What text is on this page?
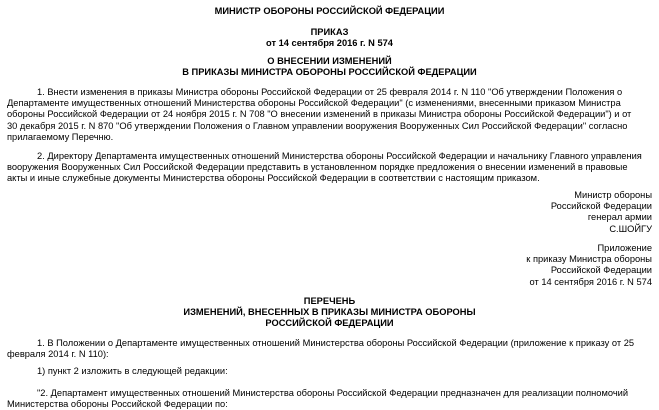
МИНИСТР ОБОРОНЫ РОССИЙСКОЙ ФЕДЕРАЦИИ
ПРИКАЗ
от 14 сентября 2016 г. N 574
О ВНЕСЕНИИ ИЗМЕНЕНИЙ
В ПРИКАЗЫ МИНИСТРА ОБОРОНЫ РОССИЙСКОЙ ФЕДЕРАЦИИ
1. Внести изменения в приказы Министра обороны Российской Федерации от 25 февраля 2014 г. N 110 "Об утверждении Положения о
Департаменте имущественных отношений Министерства обороны Российской Федерации" (с изменениями, внесенными приказом Министра
обороны Российской Федерации от 24 ноября 2015 г. N 708 "О внесении изменений в приказы Министра обороны Российской Федерации") и от
30 декабря 2015 г. N 870 "Об утверждении Положения о Главном управлении вооружения Вооруженных Сил Российской Федерации" согласно
прилагаемому Перечню.
2. Директору Департамента имущественных отношений Министерства обороны Российской Федерации и начальнику Главного управления
вооружения Вооруженных Сил Российской Федерации представить в установленном порядке предложения о внесении изменений в правовые
акты и иные служебные документы Министерства обороны Российской Федерации в соответствии с настоящим приказом.
Министр обороны
Российской Федерации
генерал армии
С.ШОЙГУ
Приложение
к приказу Министра обороны
Российской Федерации
от 14 сентября 2016 г. N 574
ПЕРЕЧЕНЬ
ИЗМЕНЕНИЙ, ВНЕСЕННЫХ В ПРИКАЗЫ МИНИСТРА ОБОРОНЫ
РОССИЙСКОЙ ФЕДЕРАЦИИ
1. В Положении о Департаменте имущественных отношений Министерства обороны Российской Федерации (приложение к приказу от 25
февраля 2014 г. N 110):
1) пункт 2 изложить в следующей редакции:
"2. Департамент имущественных отношений Министерства обороны Российской Федерации предназначен для реализации полномочий
Министерства обороны Российской Федерации по:
